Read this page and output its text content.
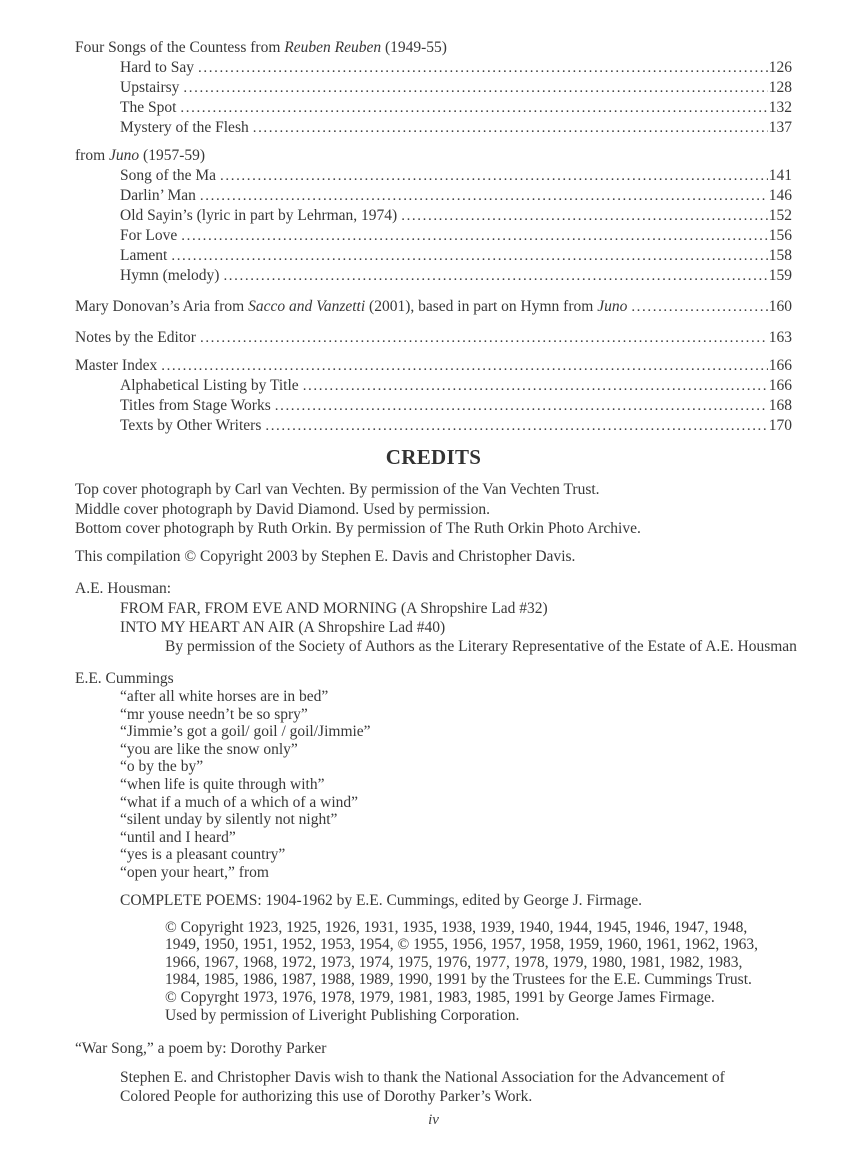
Four Songs of the Countess from Reuben Reuben (1949-55)
Hard to Say .....	126
Upstairsy .....	128
The Spot .....	132
Mystery of the Flesh .....	137
from Juno (1957-59)
Song of the Ma .....	141
Darlin’ Man .....	146
Old Sayin’s (lyric in part by Lehrman, 1974) .....	152
For Love .....	156
Lament .....	158
Hymn (melody) .....	159
Mary Donovan’s Aria from Sacco and Vanzetti (2001), based in part on Hymn from Juno .....	160
Notes by the Editor .....	163
Master Index .....	166
Alphabetical Listing by Title .....	166
Titles from Stage Works .....	168
Texts by Other Writers .....	170
CREDITS
Top cover photograph by Carl van Vechten. By permission of the Van Vechten Trust.
Middle cover photograph by David Diamond. Used by permission.
Bottom cover photograph by Ruth Orkin. By permission of The Ruth Orkin Photo Archive.
This compilation © Copyright 2003 by Stephen E. Davis and Christopher Davis.
A.E. Housman:
FROM FAR, FROM EVE AND MORNING (A Shropshire Lad #32)
INTO MY HEART AN AIR (A Shropshire Lad #40)
By permission of the Society of Authors as the Literary Representative of the Estate of A.E. Housman
E.E. Cummings
“after all white horses are in bed”
“mr youse needn’t be so spry”
“Jimmie’s got a goil/ goil / goil/Jimmie”
“you are like the snow only”
“o by the by”
“when life is quite through with”
“what if a much of a which of a wind”
“silent unday by silently not night”
“until and I heard”
“yes is a pleasant country”
“open your heart,” from
COMPLETE POEMS: 1904-1962 by E.E. Cummings, edited by George J. Firmage.
© Copyright 1923, 1925, 1926, 1931, 1935, 1938, 1939, 1940, 1944, 1945, 1946, 1947, 1948,
1949, 1950, 1951, 1952, 1953, 1954, © 1955, 1956, 1957, 1958, 1959, 1960, 1961, 1962, 1963,
1966, 1967, 1968, 1972, 1973, 1974, 1975, 1976, 1977, 1978, 1979, 1980, 1981, 1982, 1983,
1984, 1985, 1986, 1987, 1988, 1989, 1990, 1991 by the Trustees for the E.E. Cummings Trust.
© Copyrght 1973, 1976, 1978, 1979, 1981, 1983, 1985, 1991 by George James Firmage.
Used by permission of Liveright Publishing Corporation.
“War Song,” a poem by: Dorothy Parker
Stephen E. and Christopher Davis wish to thank the National Association for the Advancement of Colored People for authorizing this use of Dorothy Parker’s Work.
iv
